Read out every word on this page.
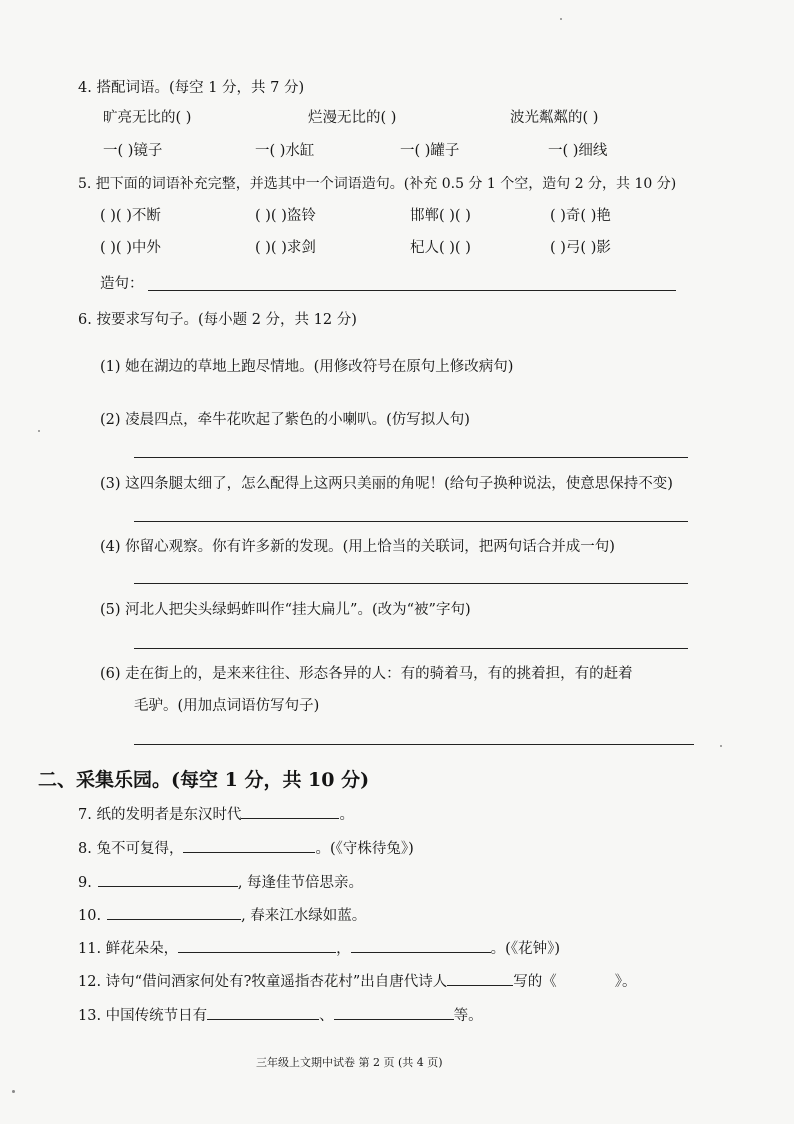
4. 搭配词语。(每空 1 分，共 7 分)
旷亮无比的( )	烂漫无比的( )	波光粼粼的( )
一( )镜子	一( )水缸	一( )罐子	一( )细线
5. 把下面的词语补充完整，并选其中一个词语造句。(补充 0.5 分 1 个空，造句 2 分，共 10 分)
( )( )不断	( )( )盗铃	邯郸( )( )	( )奇( )艳
( )( )中外	( )( )求剑	杞人( )( )	( )弓( )影
造句：
6. 按要求写句子。(每小题 2 分，共 12 分)
(1) 她在湖边的草地上跑尽情地。(用修改符号在原句上修改病句)
(2) 凌晨四点，牵牛花吹起了紫色的小喇叭。(仿写拟人句)
(3) 这四条腿太细了，怎么配得上这两只美丽的角呢！(给句子换种说法，使意思保持不变)
(4) 你留心观察。你有许多新的发现。(用上恰当的关联词，把两句话合并成一句)
(5) 河北人把尖头绿蚂蚱叫作“挂大扁儿”。(改为“被”字句)
(6) 走在街上的，是来来往往、形态各异的人：有的骑着马，有的挑着担，有的赶着
毛驴。(用加点词语仿写句子)
二、采集乐园。(每空 1 分，共 10 分)
7. 纸的发明者是东汉时代	。
8. 兔不可复得，	。(《守株待兔》)
9.	, 每逢佳节倍思亲。
10.	, 春来江水绿如蓝。
11. 鲜花朵朵，	，	。(《花钟》)
12. 诗句“借问酒家何处有?牧童遥指杏花村”出自唐代诗人	写的《	》。
13. 中国传统节日有	、	等。
三年级上文期中试卷 第 2 页 (共 4 页)
